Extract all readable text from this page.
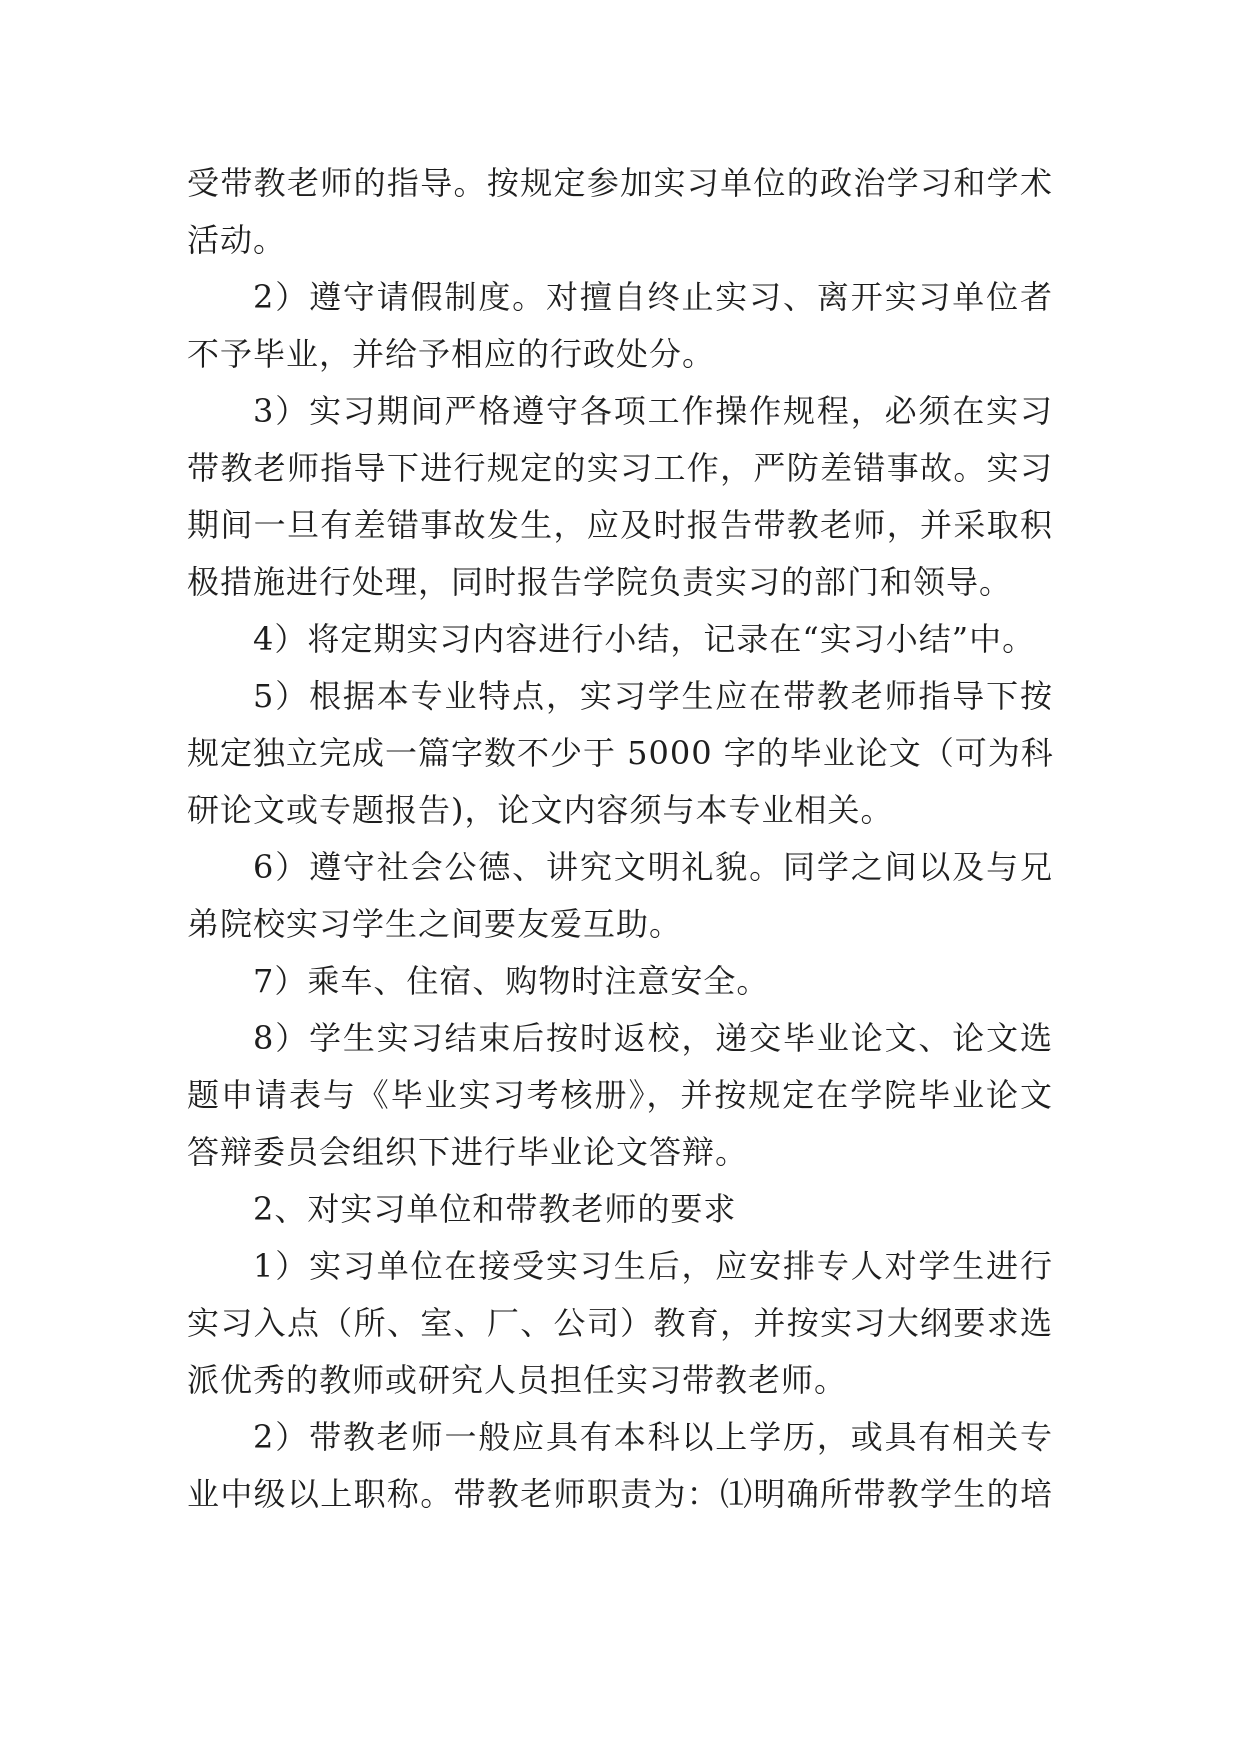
受带教老师的指导。按规定参加实习单位的政治学习和学术
活动。
2）遵守请假制度。对擅自终止实习、离开实习单位者
不予毕业，并给予相应的行政处分。
3）实习期间严格遵守各项工作操作规程，必须在实习
带教老师指导下进行规定的实习工作，严防差错事故。实习
期间一旦有差错事故发生，应及时报告带教老师，并采取积
极措施进行处理，同时报告学院负责实习的部门和领导。
4）将定期实习内容进行小结，记录在“实习小结”中。
5）根据本专业特点，实习学生应在带教老师指导下按
规定独立完成一篇字数不少于 5000 字的毕业论文（可为科
研论文或专题报告)，论文内容须与本专业相关。
6）遵守社会公德、讲究文明礼貌。同学之间以及与兄
弟院校实习学生之间要友爱互助。
7）乘车、住宿、购物时注意安全。
8）学生实习结束后按时返校，递交毕业论文、论文选
题申请表与《毕业实习考核册》，并按规定在学院毕业论文
答辩委员会组织下进行毕业论文答辩。
2、对实习单位和带教老师的要求
1）实习单位在接受实习生后，应安排专人对学生进行
实习入点（所、室、厂、公司）教育，并按实习大纲要求选
派优秀的教师或研究人员担任实习带教老师。
2）带教老师一般应具有本科以上学历，或具有相关专
业中级以上职称。带教老师职责为：⑴明确所带教学生的培
